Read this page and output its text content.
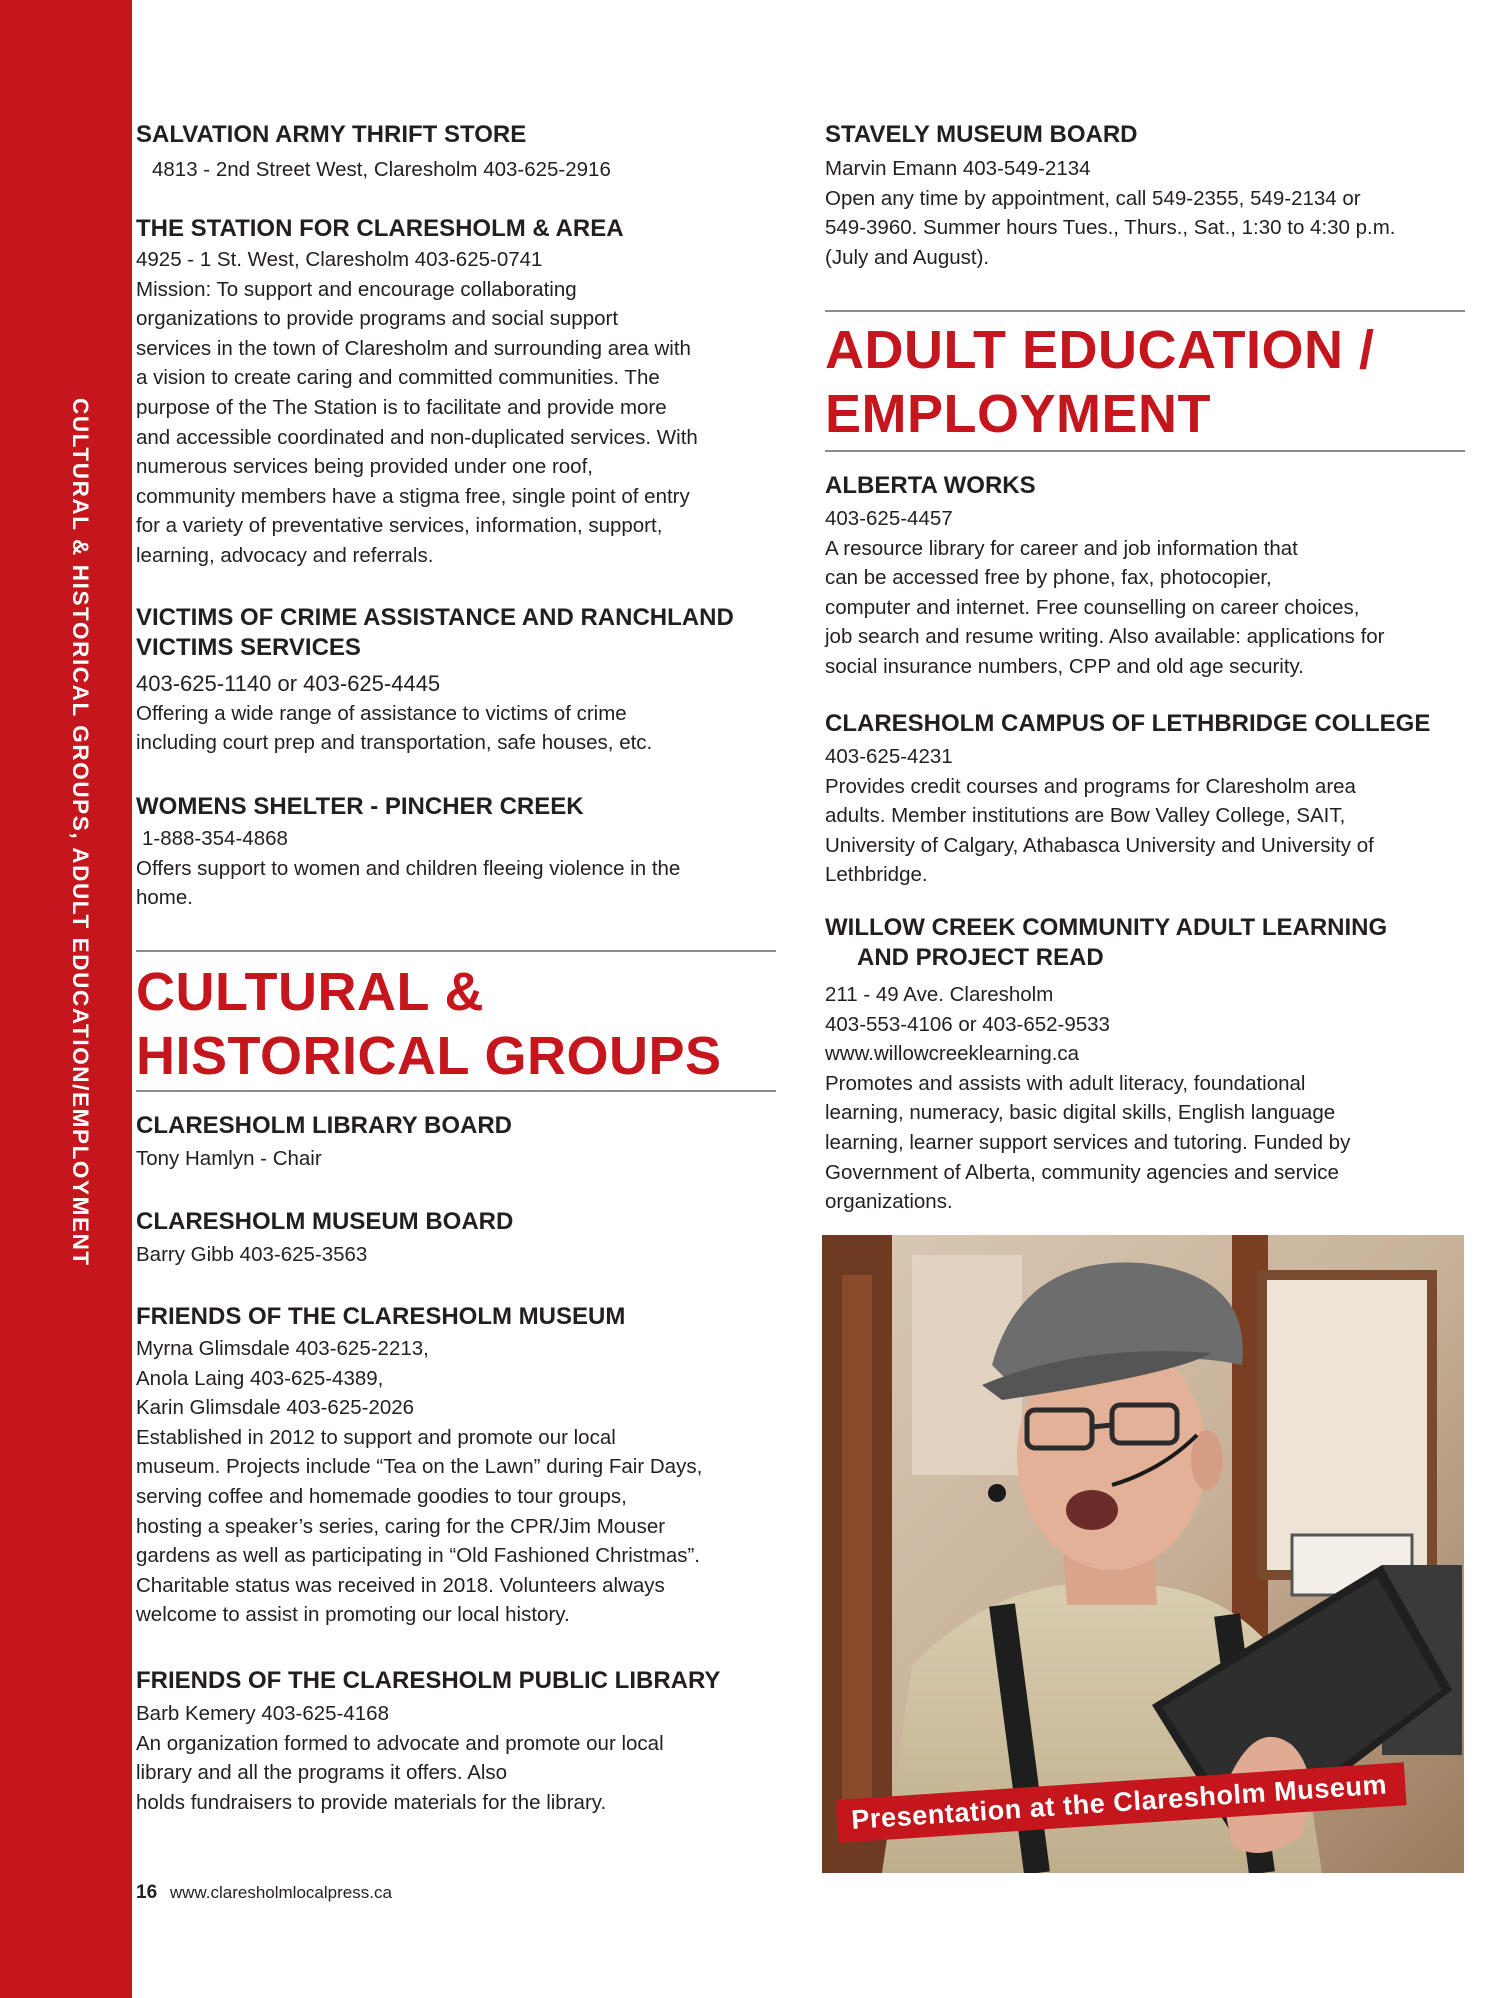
CULTURAL & HISTORICAL GROUPS, ADULT EDUCATION/EMPLOYMENT
SALVATION ARMY THRIFT STORE
4813 - 2nd Street West, Claresholm 403-625-2916
THE STATION FOR CLARESHOLM & AREA
4925 - 1 St. West, Claresholm 403-625-0741
Mission: To support and encourage collaborating
organizations to provide programs and social support
services in the town of Claresholm and surrounding area with
a vision to create caring and committed communities. The
purpose of the The Station is to facilitate and provide more
and accessible coordinated and non-duplicated services. With
numerous services being provided under one roof,
community members have a stigma free, single point of entry
for a variety of preventative services, information, support,
learning, advocacy and referrals.
VICTIMS OF CRIME ASSISTANCE AND RANCHLAND
VICTIMS SERVICES
403-625-1140 or 403-625-4445
Offering a wide range of assistance to victims of crime
including court prep and transportation, safe houses, etc.
WOMENS SHELTER - PINCHER CREEK
1-888-354-4868
Offers support to women and children fleeing violence in the
home.
CULTURAL &
HISTORICAL GROUPS
CLARESHOLM LIBRARY BOARD
Tony Hamlyn - Chair
CLARESHOLM MUSEUM BOARD
Barry Gibb 403-625-3563
FRIENDS OF THE CLARESHOLM MUSEUM
Myrna Glimsdale 403-625-2213,
Anola Laing 403-625-4389,
Karin Glimsdale 403-625-2026
Established in 2012 to support and promote our local
museum. Projects include “Tea on the Lawn” during Fair Days,
serving coffee and homemade goodies to tour groups,
hosting a speaker’s series, caring for the CPR/Jim Mouser
gardens as well as participating in “Old Fashioned Christmas”.
Charitable status was received in 2018. Volunteers always
welcome to assist in promoting our local history.
FRIENDS OF THE CLARESHOLM PUBLIC LIBRARY
Barb Kemery 403-625-4168
An organization formed to advocate and promote our local
library and all the programs it offers. Also
holds fundraisers to provide materials for the library.
STAVELY MUSEUM BOARD
Marvin Emann 403-549-2134
Open any time by appointment, call 549-2355, 549-2134 or
549-3960. Summer hours Tues., Thurs., Sat., 1:30 to 4:30 p.m.
(July and August).
ADULT EDUCATION /
EMPLOYMENT
ALBERTA WORKS
403-625-4457
A resource library for career and job information that
can be accessed free by phone, fax, photocopier,
computer and internet. Free counselling on career choices,
job search and resume writing. Also available: applications for
social insurance numbers, CPP and old age security.
CLARESHOLM CAMPUS OF LETHBRIDGE COLLEGE
403-625-4231
Provides credit courses and programs for Claresholm area
adults. Member institutions are Bow Valley College, SAIT,
University of Calgary, Athabasca University and University of
Lethbridge.
WILLOW CREEK COMMUNITY ADULT LEARNING
AND PROJECT READ
211 - 49 Ave. Claresholm
403-553-4106 or 403-652-9533
www.willowcreeklearning.ca
Promotes and assists with adult literacy, foundational
learning, numeracy, basic digital skills, English language
learning, learner support services and tutoring. Funded by
Government of Alberta, community agencies and service
organizations.
Presentation at the Claresholm Museum
16 www.claresholmlocalpress.ca
